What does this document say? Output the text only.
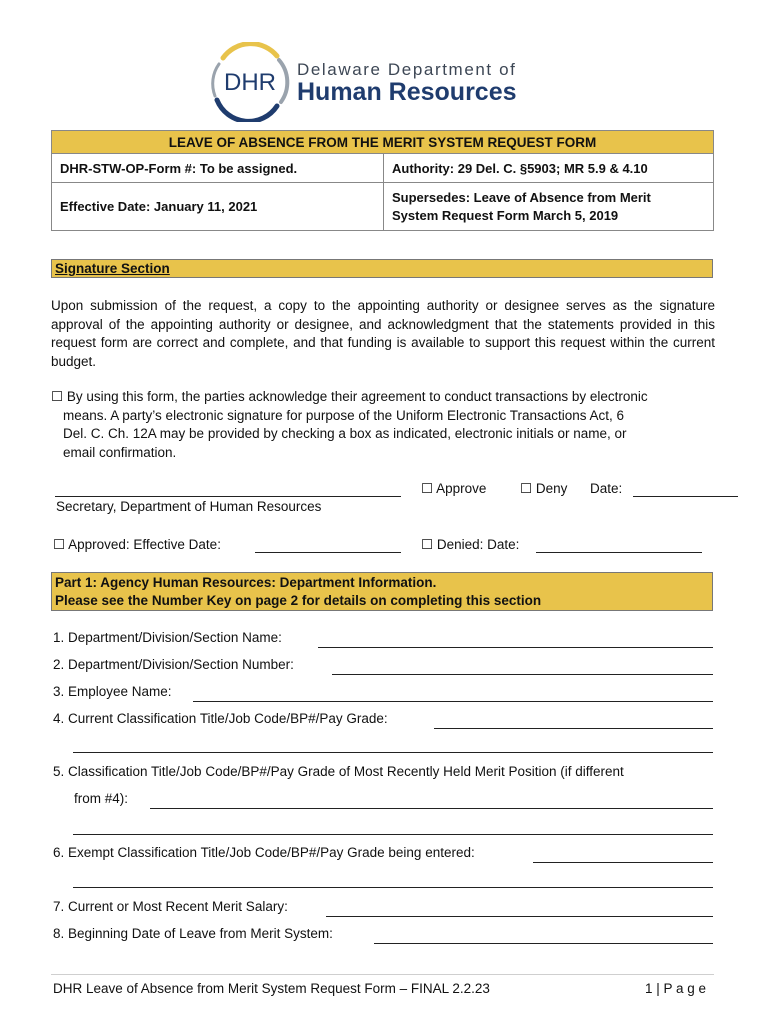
DHR Delaware Department of
Human Resources
LEAVE OF ABSENCE FROM THE MERIT SYSTEM REQUEST FORM	
DHR-STW-OP-Form #: To be assigned.	Authority: 29 Del. C. §5903; MR 5.9 & 4.10
Effective Date: January 11, 2021	Supersedes: Leave of Absence from Merit
System Request Form March 5, 2019
Signature Section
Upon submission of the request, a copy to the appointing authority or designee serves as the signature approval of the appointing authority or designee, and acknowledgment that the statements provided in this request form are correct and complete, and that funding is available to support this request within the current budget.
☐ By using this form, the parties acknowledge their agreement to conduct transactions by electronic
means. A party’s electronic signature for purpose of the Uniform Electronic Transactions Act, 6
Del. C. Ch. 12A may be provided by checking a box as indicated, electronic initials or name, or
email confirmation.
☐ Approve ☐ Deny Date:
Secretary, Department of Human Resources
☐ Approved: Effective Date:	☐ Denied: Date:
Part 1: Agency Human Resources: Department Information.
Please see the Number Key on page 2 for details on completing this section
1. Department/Division/Section Name:
2. Department/Division/Section Number:
3. Employee Name:
4. Current Classification Title/Job Code/BP#/Pay Grade:
5. Classification Title/Job Code/BP#/Pay Grade of Most Recently Held Merit Position (if different
from #4):
6. Exempt Classification Title/Job Code/BP#/Pay Grade being entered:
7. Current or Most Recent Merit Salary:
8. Beginning Date of Leave from Merit System:
DHR Leave of Absence from Merit System Request Form – FINAL 2.2.23	1 | P a g e
